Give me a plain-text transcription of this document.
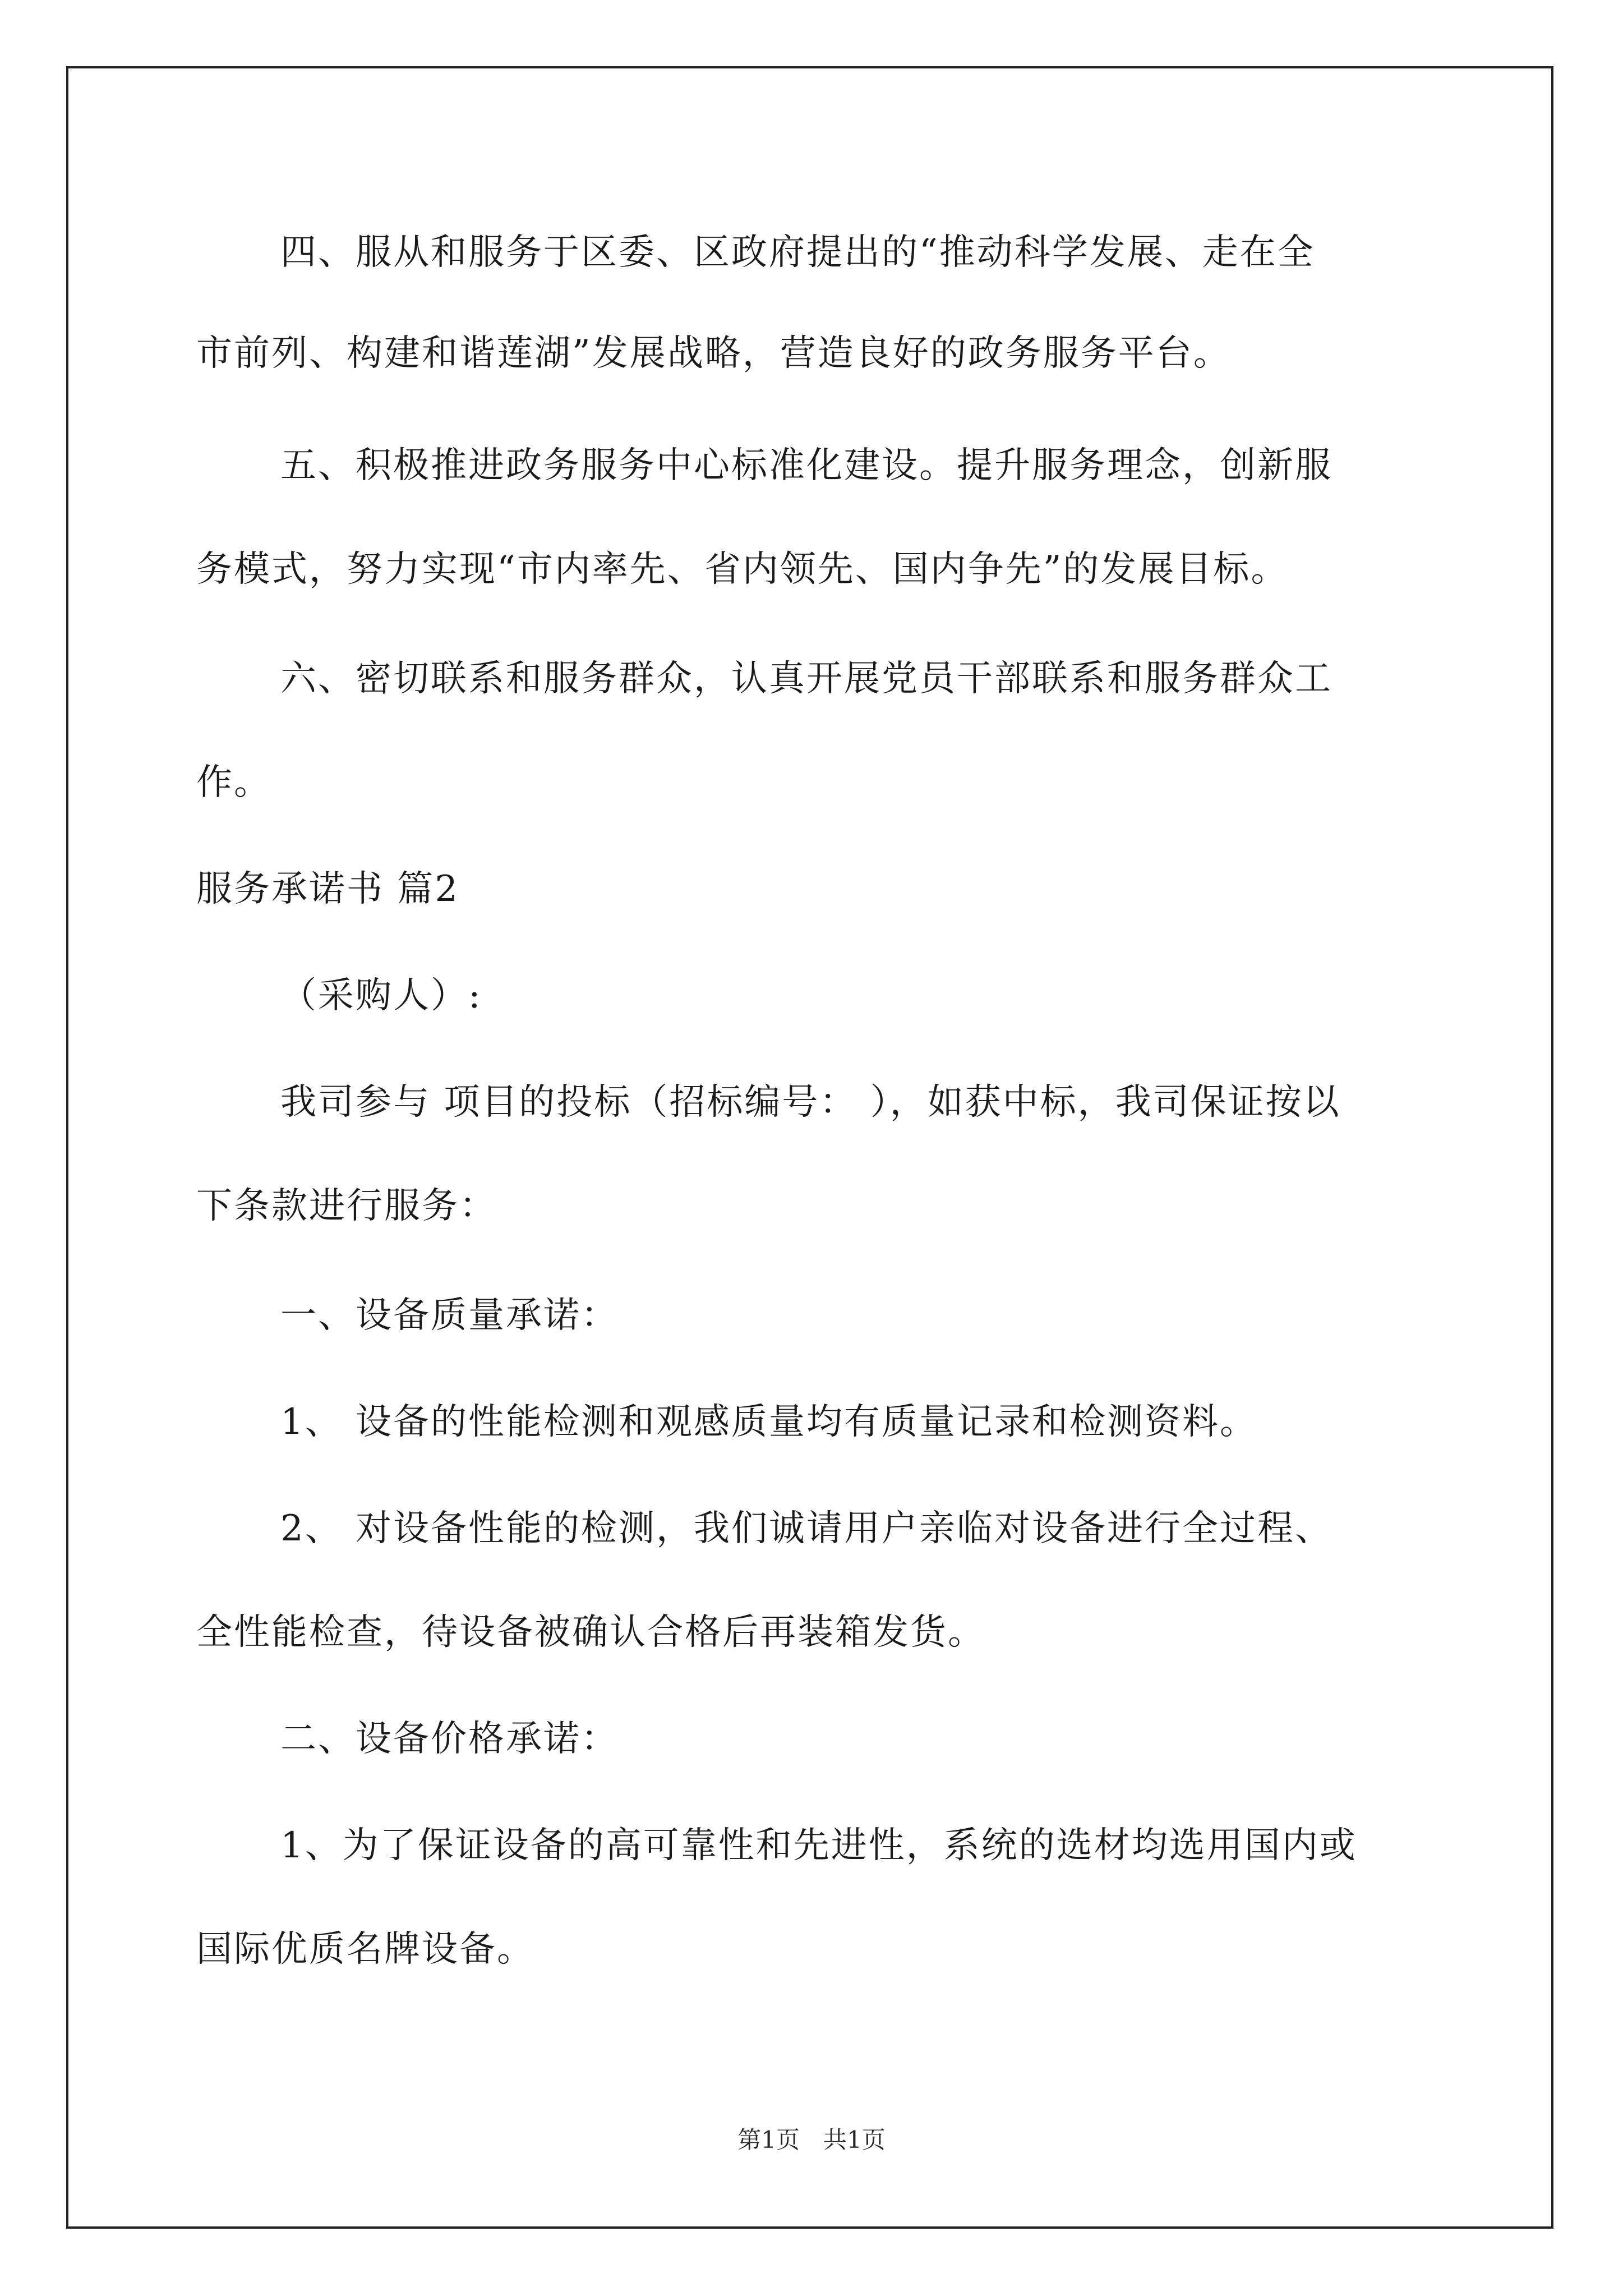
四、服从和服务于区委、区政府提出的“推动科学发展、走在全
市前列、构建和谐莲湖”发展战略，营造良好的政务服务平台。
五、积极推进政务服务中心标准化建设。提升服务理念，创新服
务模式，努力实现“市内率先、省内领先、国内争先”的发展目标。
六、密切联系和服务群众，认真开展党员干部联系和服务群众工
作。
服务承诺书 篇2
（采购人）:
我司参与 项目的投标（招标编号： ），如获中标，我司保证按以
下条款进行服务：
一、设备质量承诺：
1、 设备的性能检测和观感质量均有质量记录和检测资料。
2、 对设备性能的检测，我们诚请用户亲临对设备进行全过程、
全性能检查，待设备被确认合格后再装箱发货。
二、设备价格承诺：
1、为了保证设备的高可靠性和先进性，系统的选材均选用国内或
国际优质名牌设备。
第1页　共1页
